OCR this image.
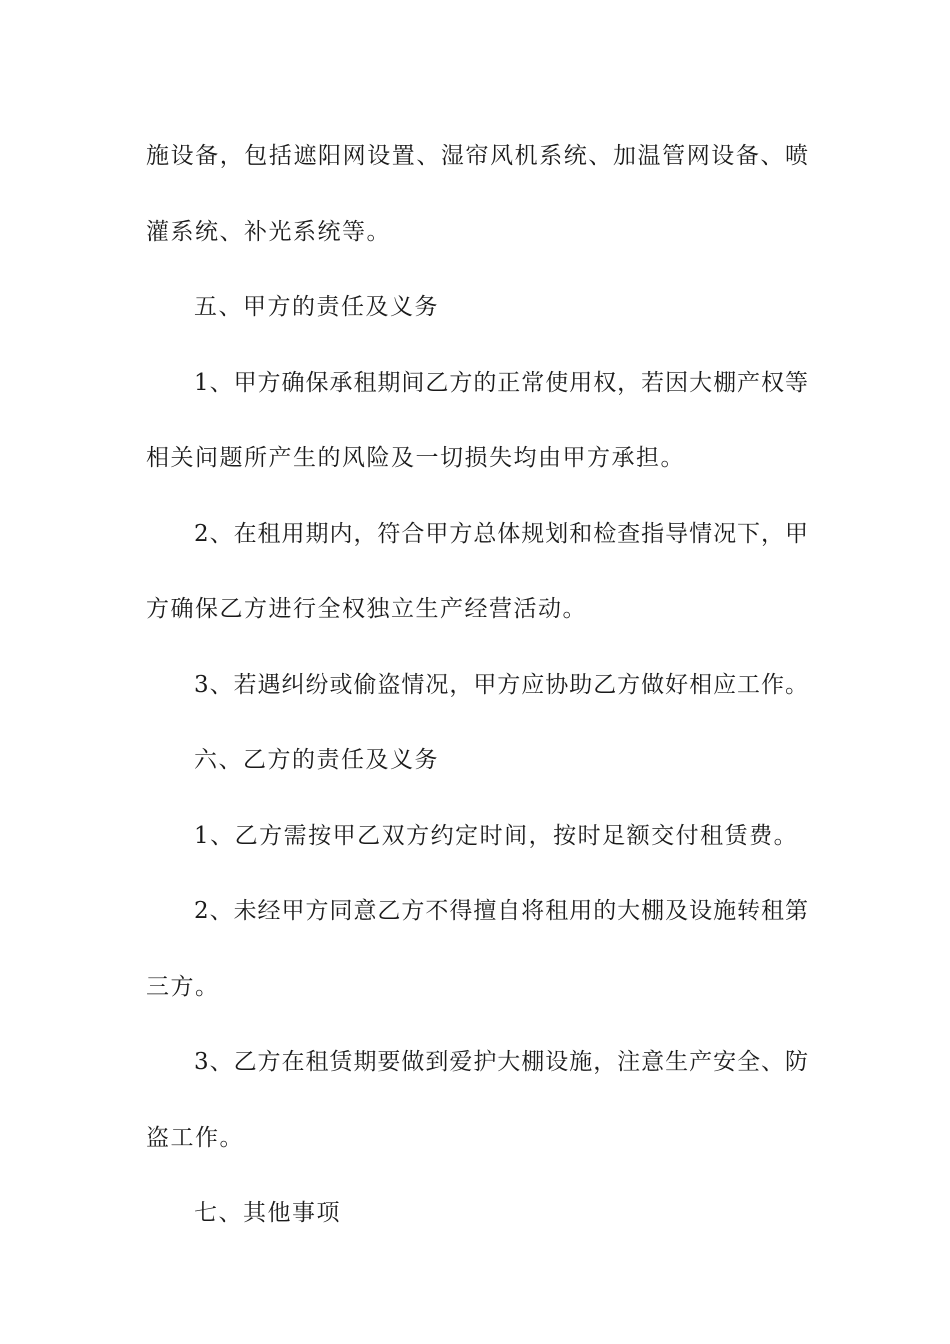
施设备，包括遮阳网设置、湿帘风机系统、加温管网设备、喷
灌系统、补光系统等。
五、甲方的责任及义务
1、甲方确保承租期间乙方的正常使用权，若因大棚产权等
相关问题所产生的风险及一切损失均由甲方承担。
2、在租用期内，符合甲方总体规划和检查指导情况下，甲
方确保乙方进行全权独立生产经营活动。
3、若遇纠纷或偷盗情况，甲方应协助乙方做好相应工作。
六、乙方的责任及义务
1、乙方需按甲乙双方约定时间，按时足额交付租赁费。
2、未经甲方同意乙方不得擅自将租用的大棚及设施转租第
三方。
3、乙方在租赁期要做到爱护大棚设施，注意生产安全、防
盗工作。
七、其他事项
